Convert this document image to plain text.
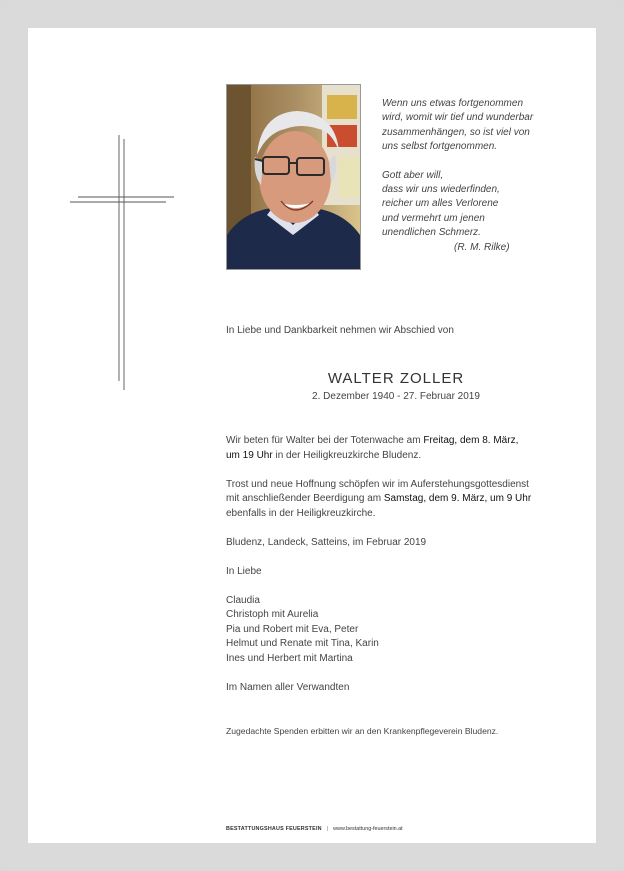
Wenn uns etwas fortgenommen

wird, womit wir tief und wunderbar

zusammenhängen, so ist viel von

uns selbst fortgenommen.

Gott aber will,

dass wir uns wiederfinden,

reicher um alles Verlorene

und vermehrt um jenen

unendlichen Schmerz.

(R. M. Rilke)

In Liebe und Dankbarkeit nehmen wir Abschied von
WALTER ZOLLER
2. Dezember 1940 - 27. Februar 2019

Wir beten für Walter bei der Totenwache am Freitag, dem 8. März,
um 19 Uhr in der Heiligkreuzkirche Bludenz.

Trost und neue Hoffnung schöpfen wir im Auferstehungsgottesdienst
mit anschließender Beerdigung am Samstag, dem 9. März, um 9 Uhr
ebenfalls in der Heiligkreuzkirche.

Bludenz, Landeck, Satteins, im Februar 2019

In Liebe

Claudia

Christoph mit Aurelia

Pia und Robert mit Eva, Peter

Helmut und Renate mit Tina, Karin

Ines und Herbert mit Martina

Im Namen aller Verwandten

Zugedachte Spenden erbitten wir an den Krankenpflegeverein Bludenz.
BESTATTUNGSHAUS FEUERSTEIN | www.bestattung-feuerstein.at
